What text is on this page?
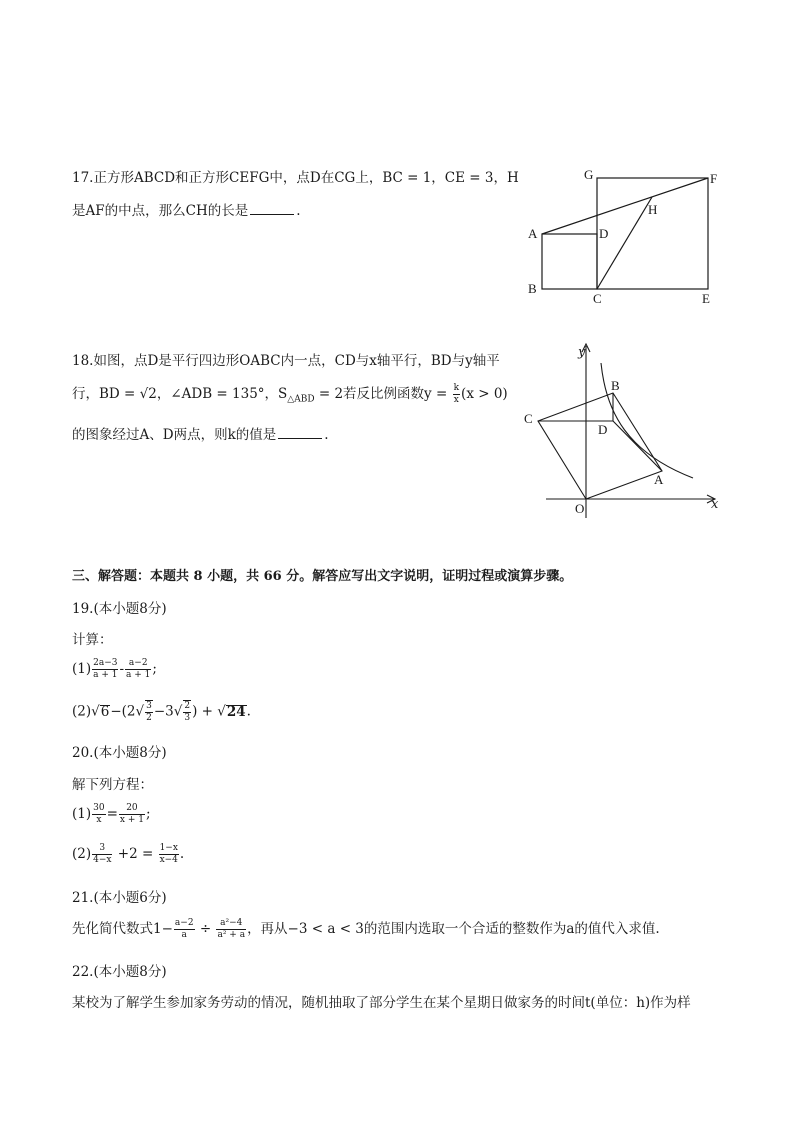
17.正方形ABCD和正方形CEFG中，点D在CG上，BC = 1，CE = 3，H
是AF的中点，那么CH的长是	.
G	F
H
A	D
B
C	E
18.如图，点D是平行四边形OABC内一点，CD与x轴平行，BD与y轴平
行，BD = √2，∠ADB = 135°，$S_{\triangle ABD} = 2$若反比例函数$y = \frac{k}{x} (x > 0)$
的图象经过A、D两点，则k的值是	.
y
B
C
D
A
O	x
三、解答题：本题共 8 小题，共 66 分。解答应写出文字说明，证明过程或演算步骤。
19.(本小题8分)
计算：
$(1) \frac{2a-3}{a + 1} - \frac{a-2}{a + 1}$ ;
$(2)√6-(2√ \frac{3}{2} -3√ \frac{2}{3}$ ) + √24.
20.(本小题8分)
解下列方程：
$(1) \frac{30}{x} = \frac{20}{x + 1}$ ;
$(2) \frac{3}{4-x} +2 = \frac{1-x}{x-4}$ .
21.(本小题6分)
先化简代数式$1- \frac{a-2}{a} \div \frac{\text{a²−4}}{\text{a² + a}}$ ，再从−3 < a < 3的范围内选取一个合适的整数作为a的值代入求值.
22.(本小题8分)
某校为了解学生参加家务劳动的情况，随机抽取了部分学生在某个星期日做家务的时间t(单位：h)作为样
